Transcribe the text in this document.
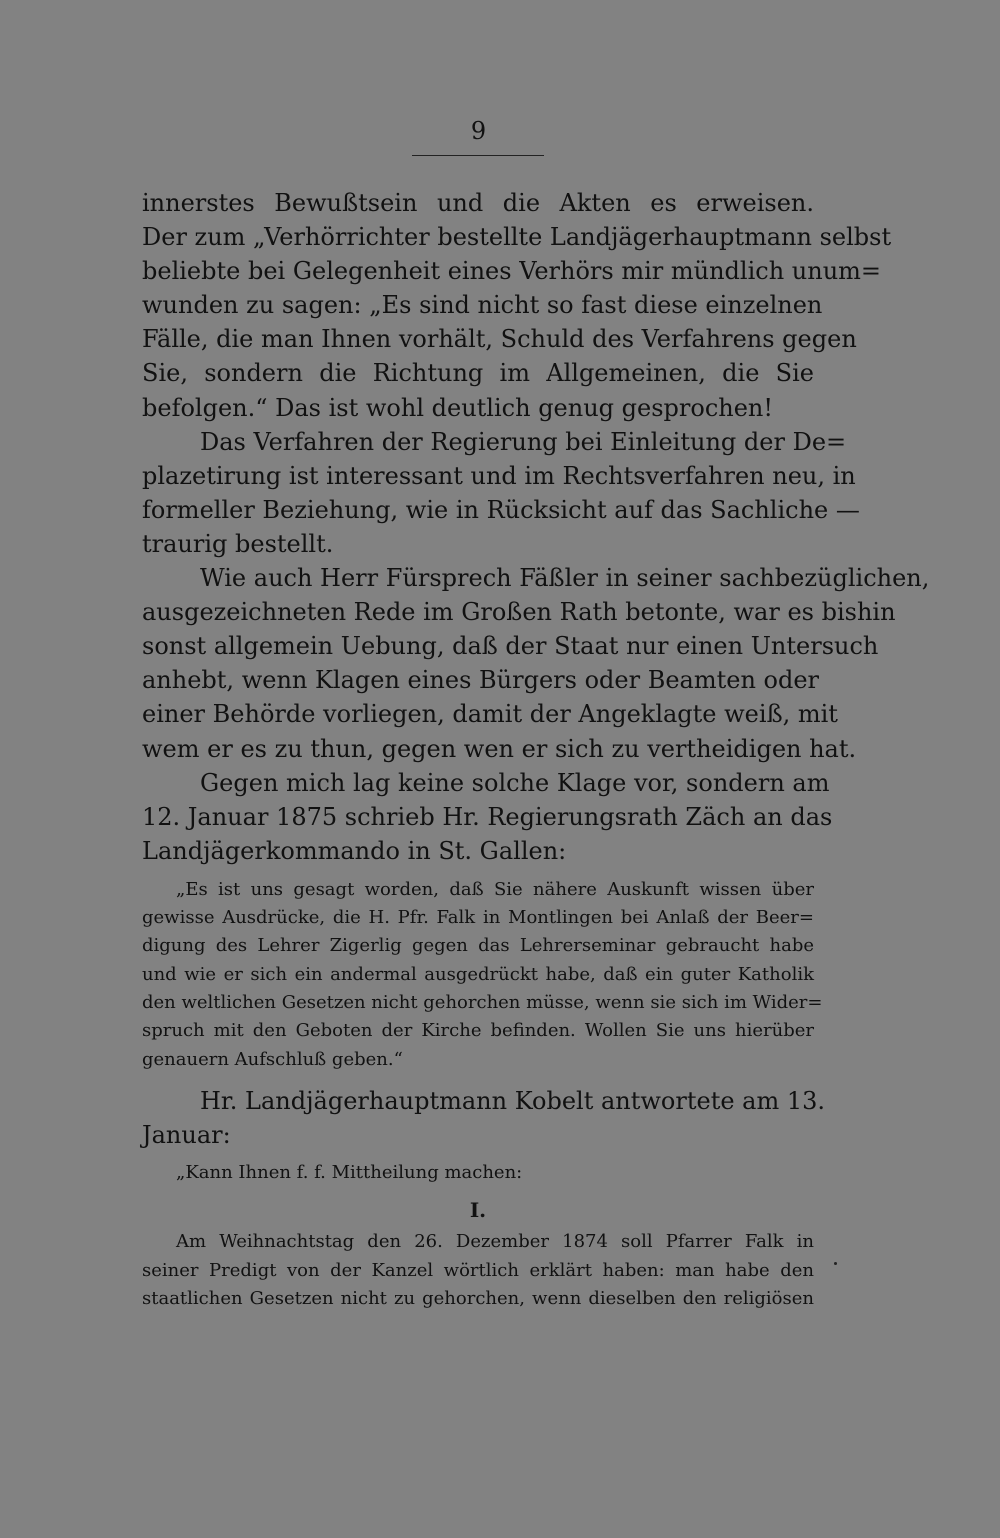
9

innerstes Bewußtsein und die Akten es erweisen.

Der zum „Verhörrichter bestellte Landjägerhauptmann selbst

beliebte bei Gelegenheit eines Verhörs mir mündlich unum=

wunden zu sagen: „Es sind nicht so fast diese einzelnen

Fälle, die man Ihnen vorhält, Schuld des Verfahrens gegen

Sie, sondern die Richtung im Allgemeinen, die Sie

befolgen.“ Das ist wohl deutlich genug gesprochen!

Das Verfahren der Regierung bei Einleitung der De=

plazetirung ist interessant und im Rechtsverfahren neu, in

formeller Beziehung, wie in Rücksicht auf das Sachliche —

traurig bestellt.

Wie auch Herr Fürsprech Fäßler in seiner sachbezüglichen,

ausgezeichneten Rede im Großen Rath betonte, war es bishin

sonst allgemein Uebung, daß der Staat nur einen Untersuch

anhebt, wenn Klagen eines Bürgers oder Beamten oder

einer Behörde vorliegen, damit der Angeklagte weiß, mit

wem er es zu thun, gegen wen er sich zu vertheidigen hat.

Gegen mich lag keine solche Klage vor, sondern am

12. Januar 1875 schrieb Hr. Regierungsrath Zäch an das

Landjägerkommando in St. Gallen:

„Es ist uns gesagt worden, daß Sie nähere Auskunft wissen über

gewisse Ausdrücke, die H. Pfr. Falk in Montlingen bei Anlaß der Beer=

digung des Lehrer Zigerlig gegen das Lehrerseminar gebraucht habe

und wie er sich ein andermal ausgedrückt habe, daß ein guter Katholik

den weltlichen Gesetzen nicht gehorchen müsse, wenn sie sich im Wider=

spruch mit den Geboten der Kirche befinden. Wollen Sie uns hierüber

genauern Aufschluß geben.“

Hr. Landjägerhauptmann Kobelt antwortete am 13.

Januar:

„Kann Ihnen f. f. Mittheilung machen:

I.

Am Weihnachtstag den 26. Dezember 1874 soll Pfarrer Falk in

seiner Predigt von der Kanzel wörtlich erklärt haben: man habe den

staatlichen Gesetzen nicht zu gehorchen, wenn dieselben den religiösen
